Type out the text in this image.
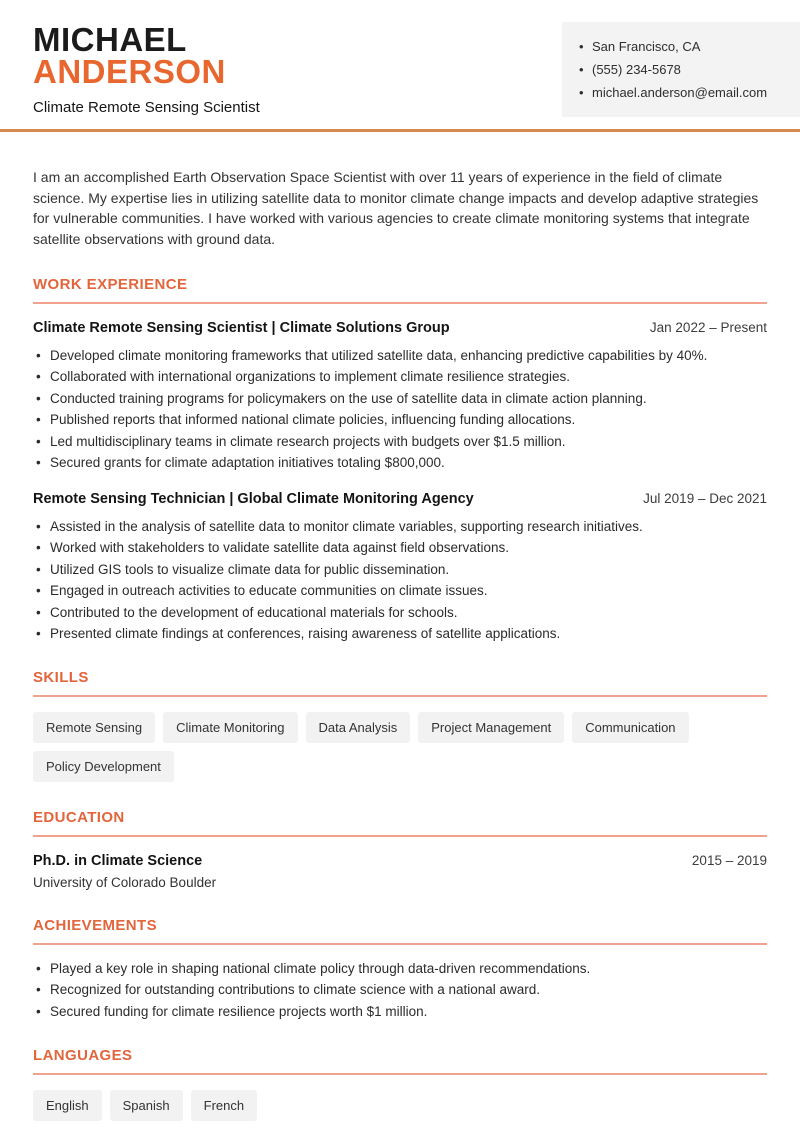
MICHAEL
ANDERSON
Climate Remote Sensing Scientist
• San Francisco, CA
• (555) 234-5678
• michael.anderson@email.com

I am an accomplished Earth Observation Space Scientist with over 11 years of experience in the field of climate science. My expertise lies in utilizing satellite data to monitor climate change impacts and develop adaptive strategies for vulnerable communities. I have worked with various agencies to create climate monitoring systems that integrate satellite observations with ground data.

WORK EXPERIENCE
Climate Remote Sensing Scientist | Climate Solutions Group	Jan 2022 – Present
• Developed climate monitoring frameworks that utilized satellite data, enhancing predictive capabilities by 40%.
• Collaborated with international organizations to implement climate resilience strategies.
• Conducted training programs for policymakers on the use of satellite data in climate action planning.
• Published reports that informed national climate policies, influencing funding allocations.
• Led multidisciplinary teams in climate research projects with budgets over $1.5 million.
• Secured grants for climate adaptation initiatives totaling $800,000.
Remote Sensing Technician | Global Climate Monitoring Agency	Jul 2019 – Dec 2021
• Assisted in the analysis of satellite data to monitor climate variables, supporting research initiatives.
• Worked with stakeholders to validate satellite data against field observations.
• Utilized GIS tools to visualize climate data for public dissemination.
• Engaged in outreach activities to educate communities on climate issues.
• Contributed to the development of educational materials for schools.
• Presented climate findings at conferences, raising awareness of satellite applications.
SKILLS
Remote Sensing	Climate Monitoring	Data Analysis	Project Management	Communication
Policy Development
EDUCATION
Ph.D. in Climate Science	2015 – 2019
University of Colorado Boulder
ACHIEVEMENTS
• Played a key role in shaping national climate policy through data-driven recommendations.
• Recognized for outstanding contributions to climate science with a national award.
• Secured funding for climate resilience projects worth $1 million.
LANGUAGES
English	Spanish	French
